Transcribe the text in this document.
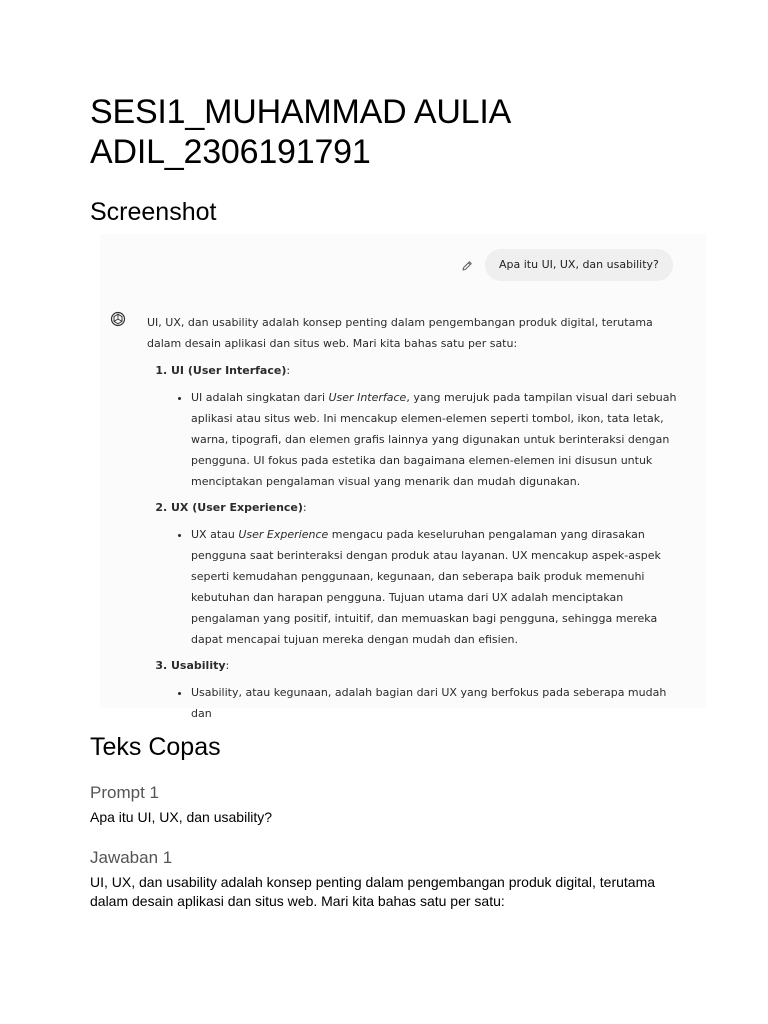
SESI1_MUHAMMAD AULIA ADIL_2306191791
Screenshot
Apa itu UI, UX, dan usability?

UI, UX, dan usability adalah konsep penting dalam pengembangan produk digital, terutama dalam desain aplikasi dan situs web. Mari kita bahas satu per satu:

1. UI (User Interface):
• UI adalah singkatan dari User Interface, yang merujuk pada tampilan visual dari sebuah aplikasi atau situs web. Ini mencakup elemen-elemen seperti tombol, ikon, tata letak, warna, tipografi, dan elemen grafis lainnya yang digunakan untuk berinteraksi dengan pengguna. UI fokus pada estetika dan bagaimana elemen-elemen ini disusun untuk menciptakan pengalaman visual yang menarik dan mudah digunakan.
2. UX (User Experience):
• UX atau User Experience mengacu pada keseluruhan pengalaman yang dirasakan pengguna saat berinteraksi dengan produk atau layanan. UX mencakup aspek-aspek seperti kemudahan penggunaan, kegunaan, dan seberapa baik produk memenuhi kebutuhan dan harapan pengguna. Tujuan utama dari UX adalah menciptakan pengalaman yang positif, intuitif, dan memuaskan bagi pengguna, sehingga mereka dapat mencapai tujuan mereka dengan mudah dan efisien.
3. Usability:
• Usability, atau kegunaan, adalah bagian dari UX yang berfokus pada seberapa mudah dan
Teks Copas
Prompt 1

Apa itu UI, UX, dan usability?

Jawaban 1

UI, UX, dan usability adalah konsep penting dalam pengembangan produk digital, terutama dalam desain aplikasi dan situs web. Mari kita bahas satu per satu:
